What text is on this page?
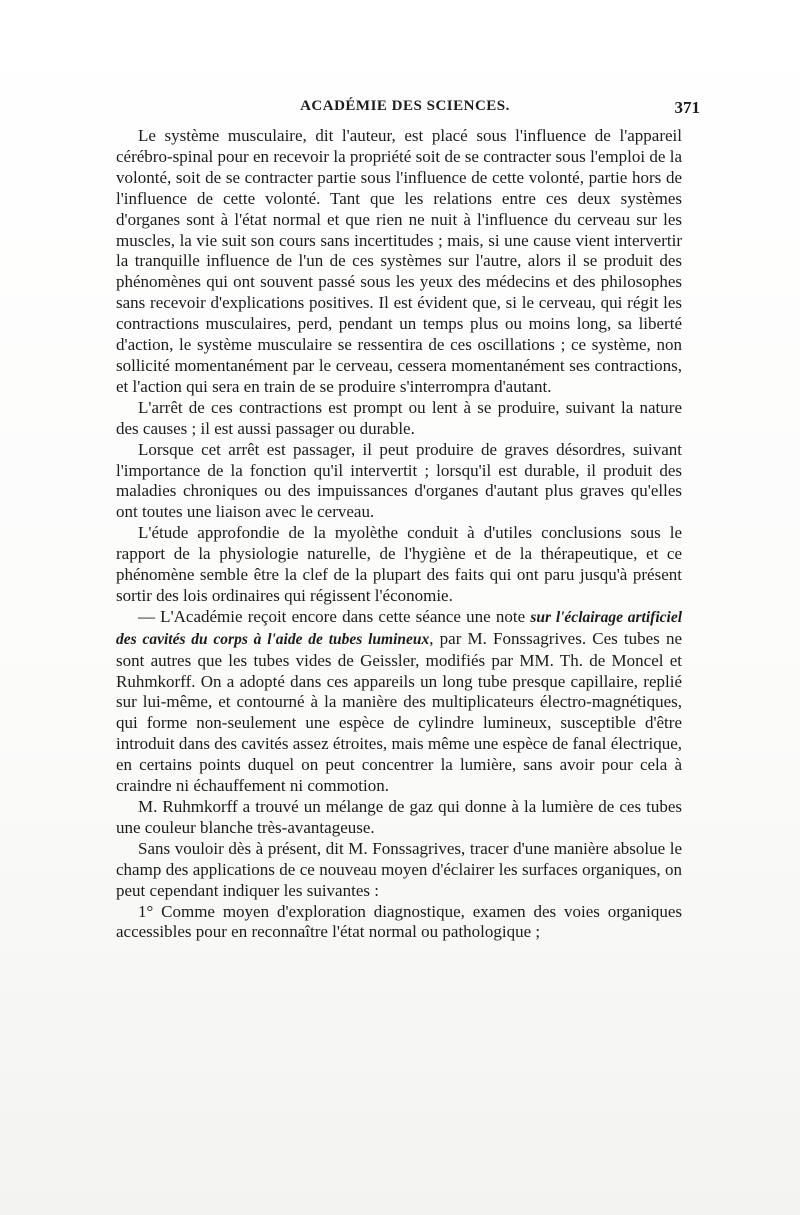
ACADÉMIE DES SCIENCES.	371

Le système musculaire, dit l'auteur, est placé sous l'influence de l'appareil cérébro-spinal pour en recevoir la propriété soit de se contracter sous l'emploi de la volonté, soit de se contracter partie sous l'influence de cette volonté, partie hors de l'influence de cette volonté. Tant que les relations entre ces deux systèmes d'organes sont à l'état normal et que rien ne nuit à l'influence du cerveau sur les muscles, la vie suit son cours sans incertitudes ; mais, si une cause vient intervertir la tranquille influence de l'un de ces systèmes sur l'autre, alors il se produit des phénomènes qui ont souvent passé sous les yeux des médecins et des philosophes sans recevoir d'explications positives. Il est évident que, si le cerveau, qui régit les contractions musculaires, perd, pendant un temps plus ou moins long, sa liberté d'action, le système musculaire se ressentira de ces oscillations ; ce système, non sollicité momentanément par le cerveau, cessera momentanément ses contractions, et l'action qui sera en train de se produire s'interrompra d'autant.

L'arrêt de ces contractions est prompt ou lent à se produire, suivant la nature des causes ; il est aussi passager ou durable.

Lorsque cet arrêt est passager, il peut produire de graves désordres, suivant l'importance de la fonction qu'il intervertit ; lorsqu'il est durable, il produit des maladies chroniques ou des impuissances d'organes d'autant plus graves qu'elles ont toutes une liaison avec le cerveau.

L'étude approfondie de la myolèthe conduit à d'utiles conclusions sous le rapport de la physiologie naturelle, de l'hygiène et de la thérapeutique, et ce phénomène semble être la clef de la plupart des faits qui ont paru jusqu'à présent sortir des lois ordinaires qui régissent l'économie.

— L'Académie reçoit encore dans cette séance une note sur l'éclairage artificiel des cavités du corps à l'aide de tubes lumineux, par M. Fonssagrives. Ces tubes ne sont autres que les tubes vides de Geissler, modifiés par MM. Th. de Moncel et Ruhmkorff. On a adopté dans ces appareils un long tube presque capillaire, replié sur lui-même, et contourné à la manière des multiplicateurs électro-magnétiques, qui forme non-seulement une espèce de cylindre lumineux, susceptible d'être introduit dans des cavités assez étroites, mais même une espèce de fanal électrique, en certains points duquel on peut concentrer la lumière, sans avoir pour cela à craindre ni échauffement ni commotion.

M. Ruhmkorff a trouvé un mélange de gaz qui donne à la lumière de ces tubes une couleur blanche très-avantageuse.

Sans vouloir dès à présent, dit M. Fonssagrives, tracer d'une manière absolue le champ des applications de ce nouveau moyen d'éclairer les surfaces organiques, on peut cependant indiquer les suivantes :

1° Comme moyen d'exploration diagnostique, examen des voies organiques accessibles pour en reconnaître l'état normal ou pathologique ;
